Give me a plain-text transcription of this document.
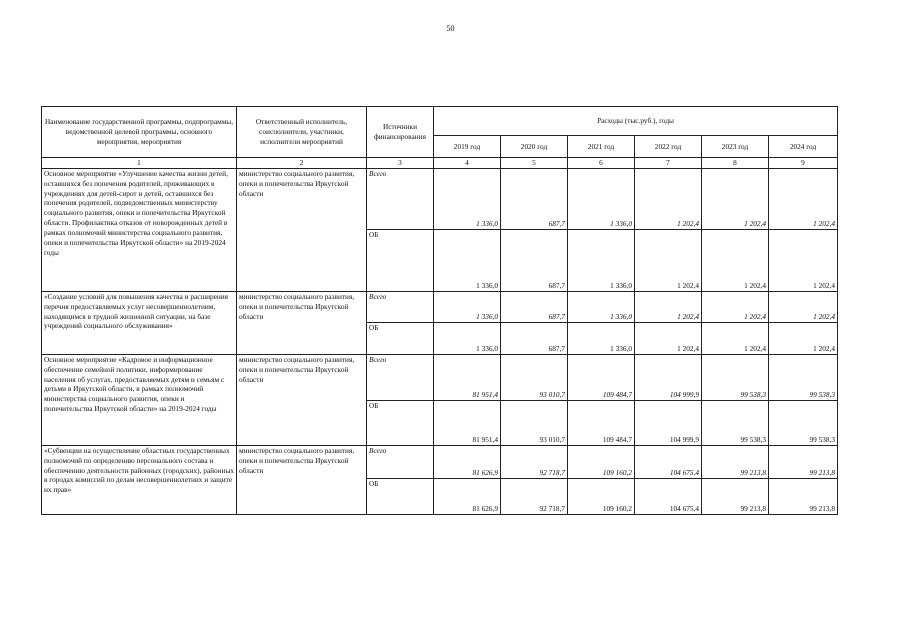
50
Наименование государственной программы, подпрограммы, ведомственной целевой программы, основного мероприятия, мероприятия	Ответственный исполнитель, соисполнители, участники, исполнители мероприятий	Источники финансирования	Расходы (тыс.руб.), годы					
			2019 год	2020 год	2021 год	2022 год	2023 год	2024 год
1	2	3	4	5	6	7	8	9
Основное мероприятие «Улучшение качества жизни детей, оставшихся без попечения родителей, проживающих в учреждениях для детей-сирот и детей, оставшихся без попечения родителей, подведомственных министерству социального развития, опеки и попечительства Иркутской области. Профилактика отказов от новорожденных детей в рамках полномочий министерства социального развития, опеки и попечительства Иркутской области» на 2019-2024 годы	министерство социального развития, опеки и попечительства Иркутской области	Всего	1 336,0	687,7	1 336,0	1 202,4	1 202,4	1 202,4
		ОБ	1 336,0	687,7	1 336,0	1 202,4	1 202,4	1 202,4
«Создание условий для повышения качества и расширения перечня предоставляемых услуг несовершеннолетним, находящимся в трудной жизненной ситуации, на базе учреждений социального обслуживания»	министерство социального развития, опеки и попечительства Иркутской области	Всего	1 336,0	687,7	1 336,0	1 202,4	1 202,4	1 202,4
		ОБ	1 336,0	687,7	1 336,0	1 202,4	1 202,4	1 202,4
Основное мероприятие «Кадровое и информационное обеспечение семейной политики, информирование населения об услугах, предоставляемых детям и семьям с детьми в Иркутской области, в рамках полномочий министерства социального развития, опеки и попечительства Иркутской области» на 2019-2024 годы	министерство социального развития, опеки и попечительства Иркутской области	Всего	81 951,4	93 010,7	109 484,7	104 999,9	99 538,3	99 538,3
		ОБ	81 951,4	93 010,7	109 484,7	104 999,9	99 538,3	99 538,3
«Субвенции на осуществление областных государственных полномочий по определению персонального состава и обеспечению деятельности районных (городских), районных в городах комиссий по делам несовершеннолетних и защите их прав»	министерство социального развития, опеки и попечительства Иркутской области	Всего	81 626,9	92 718,7	109 160,2	104 675,4	99 213,8	99 213,8
		ОБ	81 626,9	92 718,7	109 160,2	104 675,4	99 213,8	99 213,8
